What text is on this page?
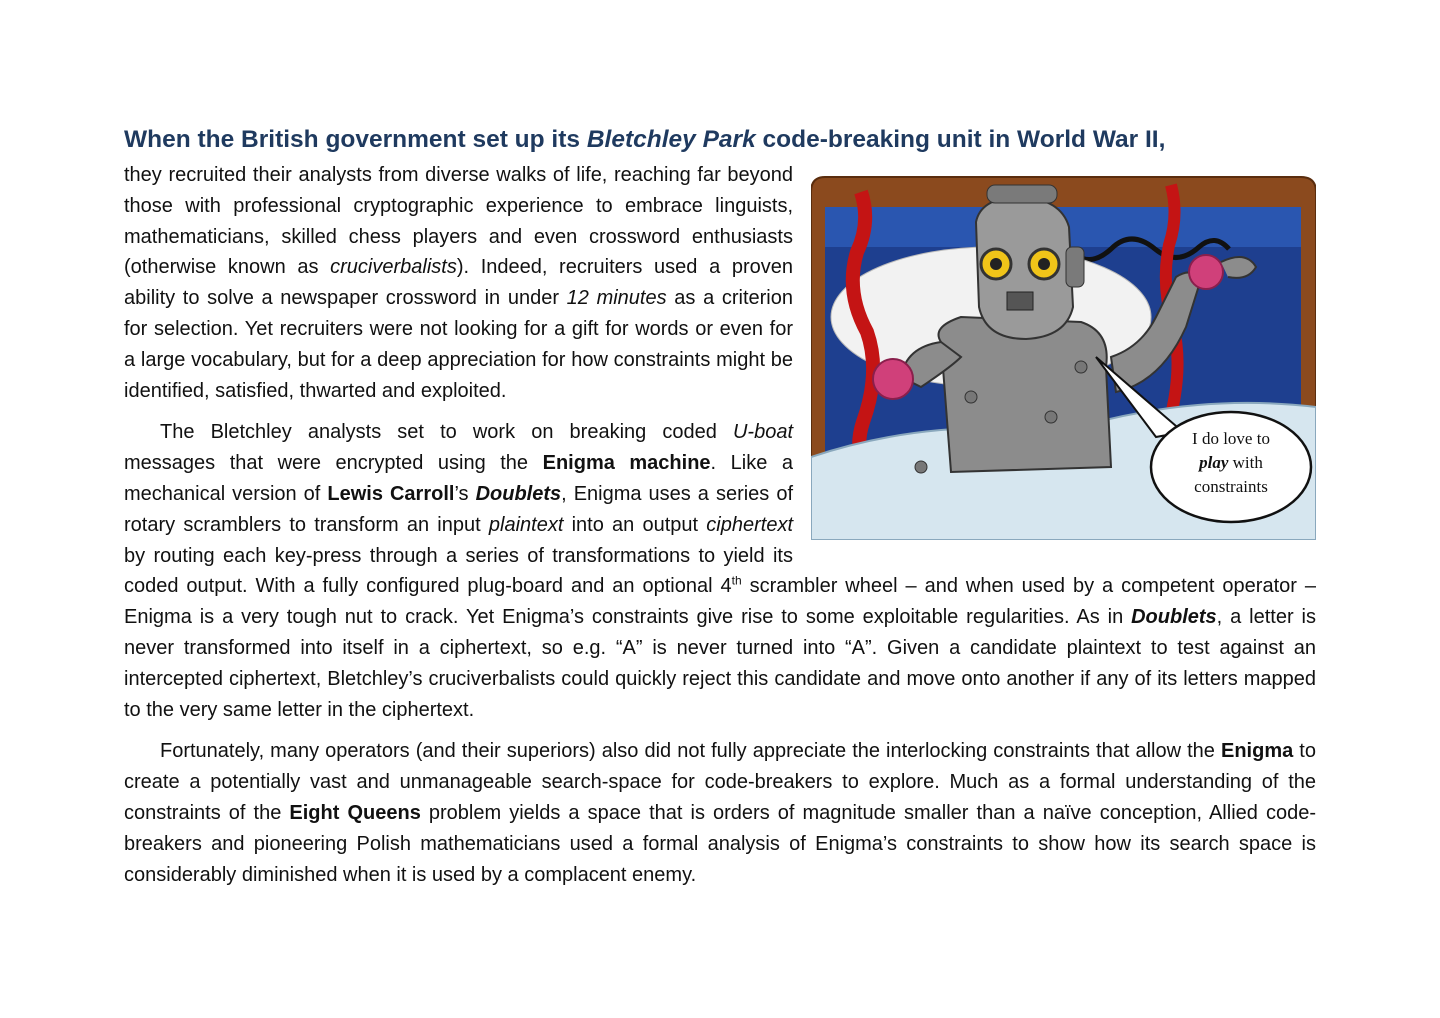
When the British government set up its Bletchley Park code-breaking unit in World War II,

I do love to
play with
constraints
they recruited their analysts from diverse walks of life, reaching far beyond those with professional cryptographic experience to embrace linguists, mathematicians, skilled chess players and even crossword enthusiasts (otherwise known as cruciverbalists). Indeed, recruiters used a proven ability to solve a newspaper crossword in under 12 minutes as a criterion for selection. Yet recruiters were not looking for a gift for words or even for a large vocabulary, but for a deep appreciation for how constraints might be identified, satisfied, thwarted and exploited.

The Bletchley analysts set to work on breaking coded U-boat messages that were encrypted using the Enigma machine. Like a mechanical version of Lewis Carroll’s Doublets, Enigma uses a series of rotary scramblers to transform an input plaintext into an output ciphertext by routing each key-press through a series of transformations to yield its coded output. With a fully configured plug-board and an optional 4th scrambler wheel – and when used by a competent operator – Enigma is a very tough nut to crack. Yet Enigma’s constraints give rise to some exploitable regularities. As in Doublets, a letter is never transformed into itself in a ciphertext, so e.g. “A” is never turned into “A”. Given a candidate plaintext to test against an intercepted ciphertext, Bletchley’s cruciverbalists could quickly reject this candidate and move onto another if any of its letters mapped to the very same letter in the ciphertext.

Fortunately, many operators (and their superiors) also did not fully appreciate the interlocking constraints that allow the Enigma to create a potentially vast and unmanageable search-space for code-breakers to explore. Much as a formal understanding of the constraints of the Eight Queens problem yields a space that is orders of magnitude smaller than a naïve conception, Allied code-breakers and pioneering Polish mathematicians used a formal analysis of Enigma’s constraints to show how its search space is considerably diminished when it is used by a complacent enemy.
